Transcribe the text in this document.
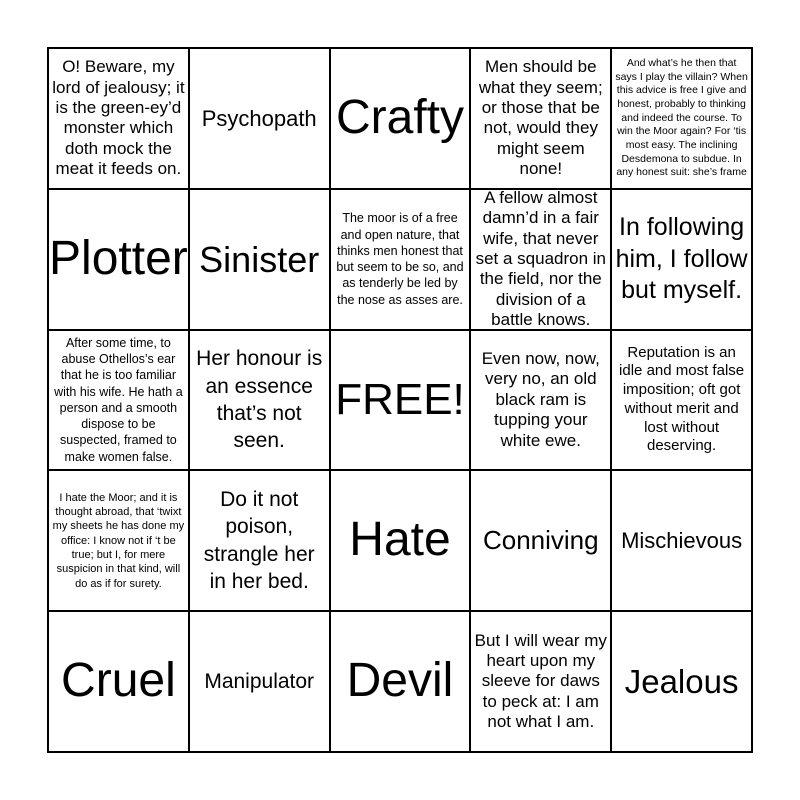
O! Beware, my lord of jealousy; it is the green-ey’d monster which doth mock the meat it feeds on.
Psychopath Crafty
Men should be what they seem; or those that be not, would they might seem none!
And what’s he then that says I play the villain? When this advice is free I give and honest, probably to thinking and indeed the course. To win the Moor again? For ‘tis most easy. The inclining Desdemona to subdue. In any honest suit: she’s frame
Plotter Sinister
The moor is of a free and open nature, that thinks men honest that but seem to be so, and as tenderly be led by the nose as asses are.
A fellow almost damn’d in a fair wife, that never set a squadron in the field, nor the division of a battle knows.
In following him, I follow but myself.
After some time, to abuse Othellos’s ear that he is too familiar with his wife. He hath a person and a smooth dispose to be suspected, framed to make women false.
Her honour is an essence that’s not seen.
FREE!
Even now, now, very no, an old black ram is tupping your white ewe.
Reputation is an idle and most false imposition; oft got without merit and lost without deserving.
I hate the Moor; and it is thought abroad, that ‘twixt my sheets he has done my office: I know not if ‘t be true; but I, for mere suspicion in that kind, will do as if for surety.
Do it not poison, strangle her in her bed.
Hate Conniving Mischievous
Cruel Manipulator Devil
But I will wear my heart upon my sleeve for daws to peck at: I am not what I am.
Jealous
